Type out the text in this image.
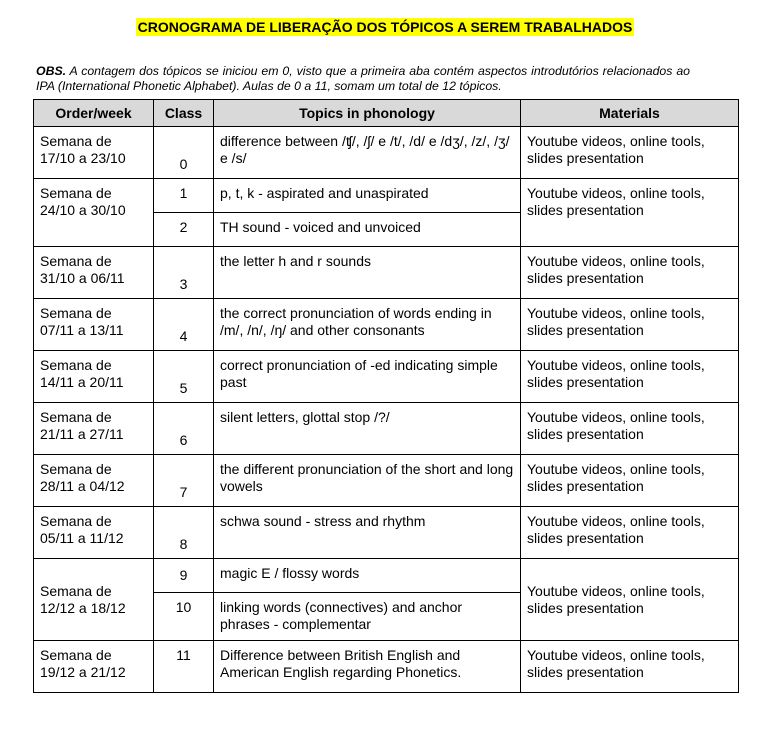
CRONOGRAMA DE LIBERAÇÃO DOS TÓPICOS A SEREM TRABALHADOS
OBS. A contagem dos tópicos se iniciou em 0, visto que a primeira aba contém aspectos introdutórios relacionados ao IPA (International Phonetic Alphabet). Aulas de 0 a 11, somam um total de 12 tópicos.
Order/week	Class	Topics in phonology	Materials
Semana de
17/10 a 23/10	0	difference between /ʧ/, /ʃ/ e /t/, /d/ e /dʒ/, /z/, /ʒ/ e /s/	Youtube videos, online tools, slides presentation
Semana de
24/10 a 30/10	1	p, t, k - aspirated and unaspirated	Youtube videos, online tools, slides presentation
	2	TH sound - voiced and unvoiced	
Semana de
31/10 a 06/11	3	the letter h and r sounds	Youtube videos, online tools, slides presentation
Semana de
07/11 a 13/11	4	the correct pronunciation of words ending in /m/, /n/, /ŋ/ and other consonants	Youtube videos, online tools, slides presentation
Semana de
14/11 a 20/11	5	correct pronunciation of -ed indicating simple past	Youtube videos, online tools, slides presentation
Semana de
21/11 a 27/11	6	silent letters, glottal stop /?/	Youtube videos, online tools, slides presentation
Semana de
28/11 a 04/12	7	the different pronunciation of the short and long vowels	Youtube videos, online tools, slides presentation
Semana de
05/11 a 11/12	8	schwa sound - stress and rhythm	Youtube videos, online tools, slides presentation
Semana de
12/12 a 18/12	9	magic E / flossy words	Youtube videos, online tools, slides presentation
	10	linking words (connectives) and anchor phrases - complementar	
Semana de
19/12 a 21/12	11	Difference between British English and American English regarding Phonetics.	Youtube videos, online tools, slides presentation
